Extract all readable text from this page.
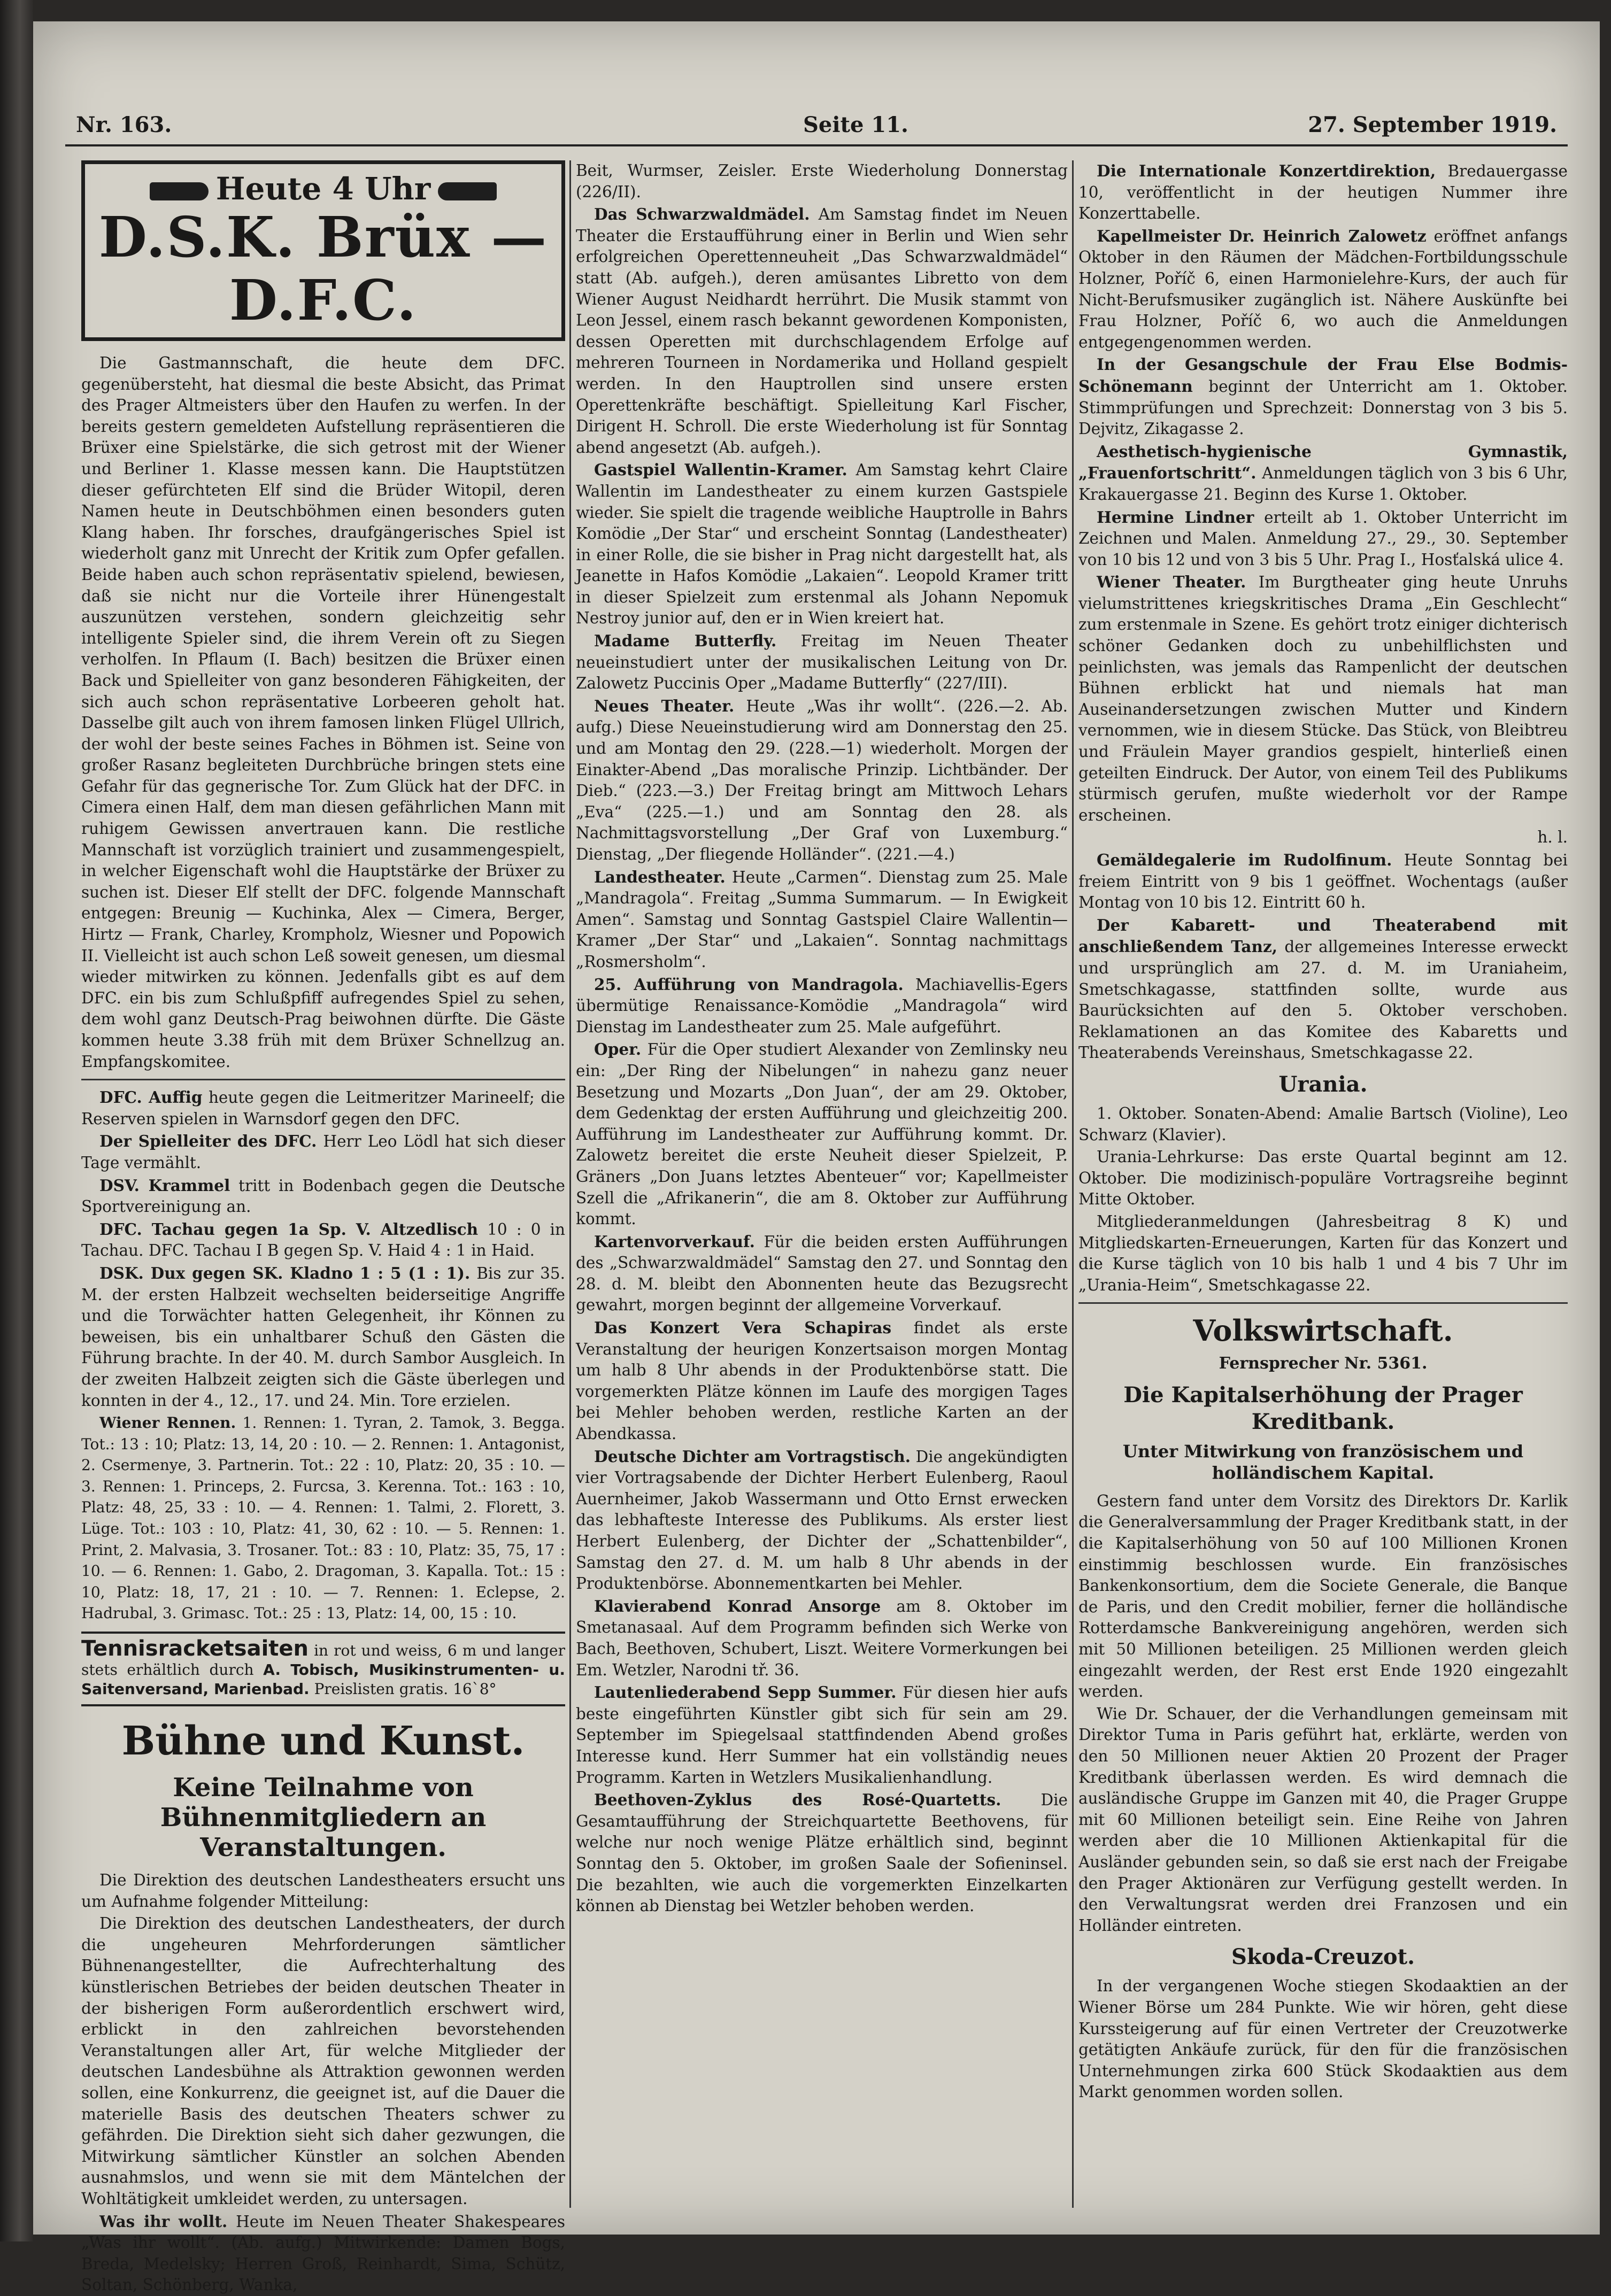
Nr. 163.	Seite 11.	27. September 1919.
Heute 4 Uhr
D.S.K. Brüx — D.F.C.

Die Gastmannschaft, die heute dem DFC. gegenübersteht, hat diesmal die beste Absicht, das Primat des Prager Altmeisters über den Haufen zu werfen. In der bereits gestern gemeldeten Aufstellung repräsentieren die Brüxer eine Spielstärke, die sich getrost mit der Wiener und Berliner 1. Klasse messen kann. Die Hauptstützen dieser gefürchteten Elf sind die Brüder Witopil, deren Namen heute in Deutschböhmen einen besonders guten Klang haben. Ihr forsches, draufgängerisches Spiel ist wiederholt ganz mit Unrecht der Kritik zum Opfer gefallen. Beide haben auch schon repräsentativ spielend, bewiesen, daß sie nicht nur die Vorteile ihrer Hünengestalt auszunützen verstehen, sondern gleichzeitig sehr intelligente Spieler sind, die ihrem Verein oft zu Siegen verholfen. In Pflaum (I. Bach) besitzen die Brüxer einen Back und Spielleiter von ganz besonderen Fähigkeiten, der sich auch schon repräsentative Lorbeeren geholt hat. Dasselbe gilt auch von ihrem famosen linken Flügel Ullrich, der wohl der beste seines Faches in Böhmen ist. Seine von großer Rasanz begleiteten Durchbrüche bringen stets eine Gefahr für das gegnerische Tor. Zum Glück hat der DFC. in Cimera einen Half, dem man diesen gefährlichen Mann mit ruhigem Gewissen anvertrauen kann. Die restliche Mannschaft ist vorzüglich trainiert und zusammengespielt, in welcher Eigenschaft wohl die Hauptstärke der Brüxer zu suchen ist. Dieser Elf stellt der DFC. folgende Mannschaft entgegen: Breunig — Kuchinka, Alex — Cimera, Berger, Hirtz — Frank, Charley, Krompholz, Wiesner und Popowich II. Vielleicht ist auch schon Leß soweit genesen, um diesmal wieder mitwirken zu können. Jedenfalls gibt es auf dem DFC. ein bis zum Schlußpfiff aufregendes Spiel zu sehen, dem wohl ganz Deutsch-Prag beiwohnen dürfte. Die Gäste kommen heute 3.38 früh mit dem Brüxer Schnellzug an. Empfangskomitee.

DFC. Auffig heute gegen die Leitmeritzer Marineelf; die Reserven spielen in Warnsdorf gegen den DFC.

Der Spielleiter des DFC. Herr Leo Lödl hat sich dieser Tage vermählt.

DSV. Krammel tritt in Bodenbach gegen die Deutsche Sportvereinigung an.

DFC. Tachau gegen 1a Sp. V. Altzedlisch 10 : 0 in Tachau. DFC. Tachau I B gegen Sp. V. Haid 4 : 1 in Haid.

DSK. Dux gegen SK. Kladno 1 : 5 (1 : 1). Bis zur 35. M. der ersten Halbzeit wechselten beiderseitige Angriffe und die Torwächter hatten Gelegenheit, ihr Können zu beweisen, bis ein unhaltbarer Schuß den Gästen die Führung brachte. In der 40. M. durch Sambor Ausgleich. In der zweiten Halbzeit zeigten sich die Gäste überlegen und konnten in der 4., 12., 17. und 24. Min. Tore erzielen.

Wiener Rennen. 1. Rennen: 1. Tyran, 2. Tamok, 3. Begga. Tot.: 13 : 10; Platz: 13, 14, 20 : 10. — 2. Rennen: 1. Antagonist, 2. Csermenye, 3. Partnerin. Tot.: 22 : 10, Platz: 20, 35 : 10. — 3. Rennen: 1. Princeps, 2. Furcsa, 3. Kerenna. Tot.: 163 : 10, Platz: 48, 25, 33 : 10. — 4. Rennen: 1. Talmi, 2. Florett, 3. Lüge. Tot.: 103 : 10, Platz: 41, 30, 62 : 10. — 5. Rennen: 1. Print, 2. Malvasia, 3. Trosaner. Tot.: 83 : 10, Platz: 35, 75, 17 : 10. — 6. Rennen: 1. Gabo, 2. Dragoman, 3. Kapalla. Tot.: 15 : 10, Platz: 18, 17, 21 : 10. — 7. Rennen: 1. Eclepse, 2. Hadrubal, 3. Grimasc. Tot.: 25 : 13, Platz: 14, 00, 15 : 10.

Tennisracketsaiten in rot und weiss, 6 m und langer stets erhältlich durch A. Tobisch, Musikinstrumenten- u. Saitenversand, Marienbad. Preislisten gratis. 16`8°
Bühne und Kunst.
Keine Teilnahme von Bühnenmitgliedern an Veranstaltungen.

Die Direktion des deutschen Landestheaters ersucht uns um Aufnahme folgender Mitteilung:

Die Direktion des deutschen Landestheaters, der durch die ungeheuren Mehrforderungen sämtlicher Bühnenangestellter, die Aufrechterhaltung des künstlerischen Betriebes der beiden deutschen Theater in der bisherigen Form außerordentlich erschwert wird, erblickt in den zahlreichen bevorstehenden Veranstaltungen aller Art, für welche Mitglieder der deutschen Landesbühne als Attraktion gewonnen werden sollen, eine Konkurrenz, die geeignet ist, auf die Dauer die materielle Basis des deutschen Theaters schwer zu gefährden. Die Direktion sieht sich daher gezwungen, die Mitwirkung sämtlicher Künstler an solchen Abenden ausnahmslos, und wenn sie mit dem Mäntelchen der Wohltätigkeit umkleidet werden, zu untersagen.

Was ihr wollt. Heute im Neuen Theater Shakespeares „Was ihr wollt“. (Ab. aufg.) Mitwirkende: Damen Bogs, Breda, Medelsky; Herren Groß, Reinhardt, Sima, Schütz, Soltan, Schönberg, Wanka,

Beit, Wurmser, Zeisler. Erste Wiederholung Donnerstag (226/II).

Das Schwarzwaldmädel. Am Samstag findet im Neuen Theater die Erstaufführung einer in Berlin und Wien sehr erfolgreichen Operettenneuheit „Das Schwarzwaldmädel“ statt (Ab. aufgeh.), deren amüsantes Libretto von dem Wiener August Neidhardt herrührt. Die Musik stammt von Leon Jessel, einem rasch bekannt gewordenen Komponisten, dessen Operetten mit durchschlagendem Erfolge auf mehreren Tourneen in Nordamerika und Holland gespielt werden. In den Hauptrollen sind unsere ersten Operettenkräfte beschäftigt. Spielleitung Karl Fischer, Dirigent H. Schroll. Die erste Wiederholung ist für Sonntag abend angesetzt (Ab. aufgeh.).

Gastspiel Wallentin-Kramer. Am Samstag kehrt Claire Wallentin im Landestheater zu einem kurzen Gastspiele wieder. Sie spielt die tragende weibliche Hauptrolle in Bahrs Komödie „Der Star“ und erscheint Sonntag (Landestheater) in einer Rolle, die sie bisher in Prag nicht dargestellt hat, als Jeanette in Hafos Komödie „Lakaien“. Leopold Kramer tritt in dieser Spielzeit zum erstenmal als Johann Nepomuk Nestroy junior auf, den er in Wien kreiert hat.

Madame Butterfly. Freitag im Neuen Theater neueinstudiert unter der musikalischen Leitung von Dr. Zalowetz Puccinis Oper „Madame Butterfly“ (227/III).

Neues Theater. Heute „Was ihr wollt“. (226.—2. Ab. aufg.) Diese Neueinstudierung wird am Donnerstag den 25. und am Montag den 29. (228.—1) wiederholt. Morgen der Einakter-Abend „Das moralische Prinzip. Lichtbänder. Der Dieb.“ (223.—3.) Der Freitag bringt am Mittwoch Lehars „Eva“ (225.—1.) und am Sonntag den 28. als Nachmittagsvorstellung „Der Graf von Luxemburg.“ Dienstag, „Der fliegende Holländer“. (221.—4.)

Landestheater. Heute „Carmen“. Dienstag zum 25. Male „Mandragola“. Freitag „Summa Summarum. — In Ewigkeit Amen“. Samstag und Sonntag Gastspiel Claire Wallentin—Kramer „Der Star“ und „Lakaien“. Sonntag nachmittags „Rosmersholm“.

25. Aufführung von Mandragola. Machiavellis-Egers übermütige Renaissance-Komödie „Mandragola“ wird Dienstag im Landestheater zum 25. Male aufgeführt.

Oper. Für die Oper studiert Alexander von Zemlinsky neu ein: „Der Ring der Nibelungen“ in nahezu ganz neuer Besetzung und Mozarts „Don Juan“, der am 29. Oktober, dem Gedenktag der ersten Aufführung und gleichzeitig 200. Aufführung im Landestheater zur Aufführung kommt. Dr. Zalowetz bereitet die erste Neuheit dieser Spielzeit, P. Gräners „Don Juans letztes Abenteuer“ vor; Kapellmeister Szell die „Afrikanerin“, die am 8. Oktober zur Aufführung kommt.

Kartenvorverkauf. Für die beiden ersten Aufführungen des „Schwarzwaldmädel“ Samstag den 27. und Sonntag den 28. d. M. bleibt den Abonnenten heute das Bezugsrecht gewahrt, morgen beginnt der allgemeine Vorverkauf.

Das Konzert Vera Schapiras findet als erste Veranstaltung der heurigen Konzertsaison morgen Montag um halb 8 Uhr abends in der Produktenbörse statt. Die vorgemerkten Plätze können im Laufe des morgigen Tages bei Mehler behoben werden, restliche Karten an der Abendkassa.

Deutsche Dichter am Vortragstisch. Die angekündigten vier Vortragsabende der Dichter Herbert Eulenberg, Raoul Auernheimer, Jakob Wassermann und Otto Ernst erwecken das lebhafteste Interesse des Publikums. Als erster liest Herbert Eulenberg, der Dichter der „Schattenbilder“, Samstag den 27. d. M. um halb 8 Uhr abends in der Produktenbörse. Abonnementkarten bei Mehler.

Klavierabend Konrad Ansorge am 8. Oktober im Smetanasaal. Auf dem Programm befinden sich Werke von Bach, Beethoven, Schubert, Liszt. Weitere Vormerkungen bei Em. Wetzler, Narodni tř. 36.

Lautenliederabend Sepp Summer. Für diesen hier aufs beste eingeführten Künstler gibt sich für sein am 29. September im Spiegelsaal stattfindenden Abend großes Interesse kund. Herr Summer hat ein vollständig neues Programm. Karten in Wetzlers Musikalienhandlung.

Beethoven-Zyklus des Rosé-Quartetts.	Die Gesamtaufführung der Streichquartette Beethovens, für welche nur noch wenige Plätze erhältlich sind, beginnt Sonntag den 5. Oktober, im großen Saale der Sofieninsel. Die bezahlten, wie auch die vorgemerkten Einzelkarten können ab Dienstag bei Wetzler behoben werden.

Die Internationale Konzertdirektion, Bredauergasse 10, veröffentlicht in der heutigen Nummer ihre Konzerttabelle.

Kapellmeister Dr. Heinrich Zalowetz eröffnet anfangs Oktober in den Räumen der Mädchen-Fortbildungsschule Holzner, Poříč 6, einen Harmonielehre-Kurs, der auch für Nicht-Berufsmusiker zugänglich ist. Nähere Auskünfte bei Frau Holzner, Poříč 6, wo auch die Anmeldungen entgegengenommen werden.

In der Gesangschule der Frau Else Bodmis-Schönemann beginnt der Unterricht am 1. Oktober. Stimmprüfungen und Sprechzeit: Donnerstag von 3 bis 5. Dejvitz, Zikagasse 2.

Aesthetisch-hygienische Gymnastik, „Frauenfortschritt“. Anmeldungen täglich von 3 bis 6 Uhr, Krakauergasse 21. Beginn des Kurse 1. Oktober.

Hermine Lindner erteilt ab 1. Oktober Unterricht im Zeichnen und Malen. Anmeldung 27., 29., 30. September von 10 bis 12 und von 3 bis 5 Uhr. Prag I., Hosťalská ulice 4.

Wiener Theater. Im Burgtheater ging heute Unruhs vielumstrittenes kriegskritisches Drama „Ein Geschlecht“ zum erstenmale in Szene. Es gehört trotz einiger dichterisch schöner Gedanken doch zu unbehilflichsten und peinlichsten, was jemals das Rampenlicht der deutschen Bühnen erblickt hat und niemals hat man Auseinandersetzungen zwischen Mutter und Kindern vernommen, wie in diesem Stücke. Das Stück, von Bleibtreu und Fräulein Mayer grandios gespielt, hinterließ einen geteilten Eindruck. Der Autor, von einem Teil des Publikums stürmisch gerufen, mußte wiederholt vor der Rampe erscheinen.

h. l.

Gemäldegalerie im Rudolfinum. Heute Sonntag bei freiem Eintritt von 9 bis 1 geöffnet. Wochentags (außer Montag von 10 bis 12. Eintritt 60 h.

Der Kabarett- und Theaterabend mit anschließendem Tanz, der allgemeines Interesse erweckt und ursprünglich am 27. d. M. im Uraniaheim, Smetschkagasse, stattfinden sollte, wurde aus Baurücksichten auf den 5. Oktober verschoben. Reklamationen an das Komitee des Kabaretts und Theaterabends Vereinshaus, Smetschkagasse 22.

Urania.

1. Oktober. Sonaten-Abend: Amalie Bartsch (Violine), Leo Schwarz (Klavier).

Urania-Lehrkurse: Das erste Quartal beginnt am 12. Oktober. Die modizinisch-populäre Vortragsreihe beginnt Mitte Oktober.

Mitgliederanmeldungen (Jahresbeitrag 8 K) und Mitgliedskarten-Erneuerungen, Karten für das Konzert und die Kurse täglich von 10 bis halb 1 und 4 bis 7 Uhr im „Urania-Heim“, Smetschkagasse 22.

Volkswirtschaft.
Fernsprecher Nr. 5361.
Die Kapitalserhöhung der Prager Kreditbank.
Unter Mitwirkung von französischem und holländischem Kapital.

Gestern fand unter dem Vorsitz des Direktors Dr. Karlik die Generalversammlung der Prager Kreditbank statt, in der die Kapitalserhöhung von 50 auf 100 Millionen Kronen einstimmig beschlossen wurde. Ein französisches Bankenkonsortium, dem die Societe Generale, die Banque de Paris, und den Credit mobilier, ferner die holländische Rotterdamsche Bankvereinigung angehören, werden sich mit 50 Millionen beteiligen. 25 Millionen werden gleich eingezahlt werden, der Rest erst Ende 1920 eingezahlt werden.

Wie Dr. Schauer, der die Verhandlungen gemeinsam mit Direktor Tuma in Paris geführt hat, erklärte, werden von den 50 Millionen neuer Aktien 20 Prozent der Prager Kreditbank überlassen werden. Es wird demnach die ausländische Gruppe im Ganzen mit 40, die Prager Gruppe mit 60 Millionen beteiligt sein. Eine Reihe von Jahren werden aber die 10 Millionen Aktienkapital für die Ausländer gebunden sein, so daß sie erst nach der Freigabe den Prager Aktionären zur Verfügung gestellt werden. In den Verwaltungsrat werden drei Franzosen und ein Holländer eintreten.

Skoda-Creuzot.

In der vergangenen Woche stiegen Skodaaktien an der Wiener Börse um 284 Punkte. Wie wir hören, geht diese Kurssteigerung auf für einen Vertreter der Creuzotwerke getätigten Ankäufe zurück, für den für die französischen Unternehmungen zirka 600 Stück Skodaaktien aus dem Markt genommen worden sollen.
